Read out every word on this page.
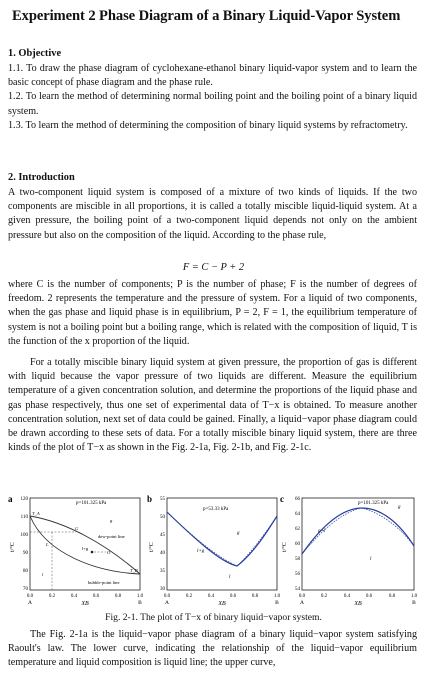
Experiment 2 Phase Diagram of a Binary Liquid-Vapor System
1. Objective

1.1. To draw the phase diagram of cyclohexane-ethanol binary liquid-vapor system and to learn the basic concept of phase diagram and the phase rule.

1.2. To learn the method of determining normal boiling point and the boiling point of a binary liquid system.

1.3. To learn the method of determining the composition of binary liquid systems by refractometry.

2. Introduction
A two-component liquid system is composed of a mixture of two kinds of liquids. If the two components are miscible in all proportions, it is called a totally miscible liquid-liquid system. At a given pressure, the boiling point of a two-component liquid depends not only on the ambient pressure but also on the composition of the liquid. According to the phase rule,
F = C − P + 2
where C is the number of components; P is the number of phase; F is the number of degrees of freedom. 2 represents the temperature and the pressure of system. For a liquid of two components, when the gas phase and liquid phase is in equilibrium, P = 2, F = 1, the equilibrium temperature of system is not a boiling point but a boiling range, which is related with the composition of liquid, T is the function of the x proportion of the liquid.
For a totally miscible binary liquid system at given pressure, the proportion of gas is different with liquid because the vapor pressure of two liquids are different. Measure the equilibrium temperature of a given concentration solution, and determine the proportions of the liquid phase and gas phase respectively, thus one set of experimental data of T−x is obtained. To measure another concentration solution, next set of data could be gained. Finally, a liquid−vapor phase diagram could be drawn according to these sets of data. For a totally miscible binary liquid system, there are three kinds of the plot of T−x as shown in the Fig. 2-1a, Fig. 2-1b, and Fig. 2-1c.
a	p=101.325 kPa
t/°C
120
110
100
90
80
70
0.0	0.2	0.4	0.6	0.8	1.0
A	B
XB
T_A
G
L
T_B
l+g
dew-point line
bubble-point line
g
l
O
b
p=53.33 kPa
t/°C
55
50
45
40
35
30
0.0	0.2	0.4	0.6	0.8	1.0
A	B
XB
g
l+g
l
c	p=101.325 kPa
t/°C
66
64
62
60
58
56
54
0.0	0.2	0.4	0.6	0.8	1.0
A	B
XB
g
g+l
l
Fig. 2-1. The plot of T−x of binary liquid−vapor system.
The Fig. 2-1a is the liquid−vapor phase diagram of a binary liquid−vapor system satisfying Raoult's law. The lower curve, indicating the relationship of the liquid−vapor equilibrium temperature and liquid composition is liquid line; the upper curve,
